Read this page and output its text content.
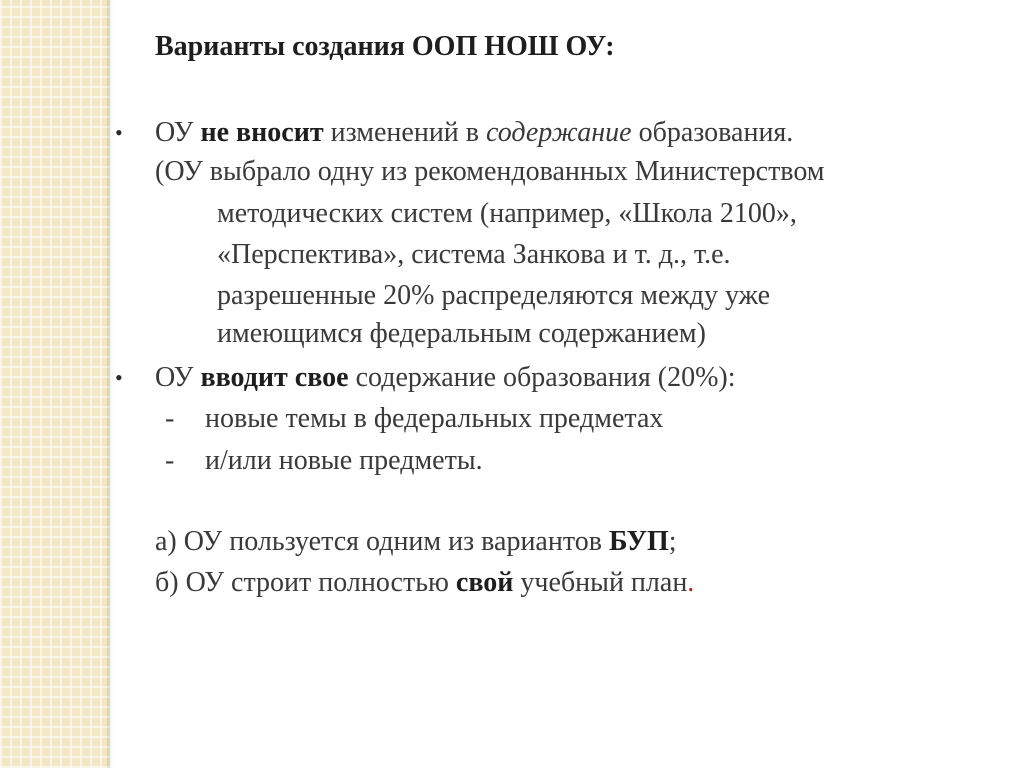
Варианты создания ООП НОШ ОУ:
• ОУ не вносит изменений в содержание образования.
(ОУ выбрало одну из рекомендованных Министерством
методических систем (например, «Школа 2100»,
«Перспектива», система Занкова и т. д., т.е.
разрешенные 20% распределяются между уже
имеющимся федеральным содержанием)
• ОУ вводит свое содержание образования (20%):
- новые темы в федеральных предметах
- и/или новые предметы.
а) ОУ пользуется одним из вариантов БУП;
б) ОУ строит полностью свой учебный план.
